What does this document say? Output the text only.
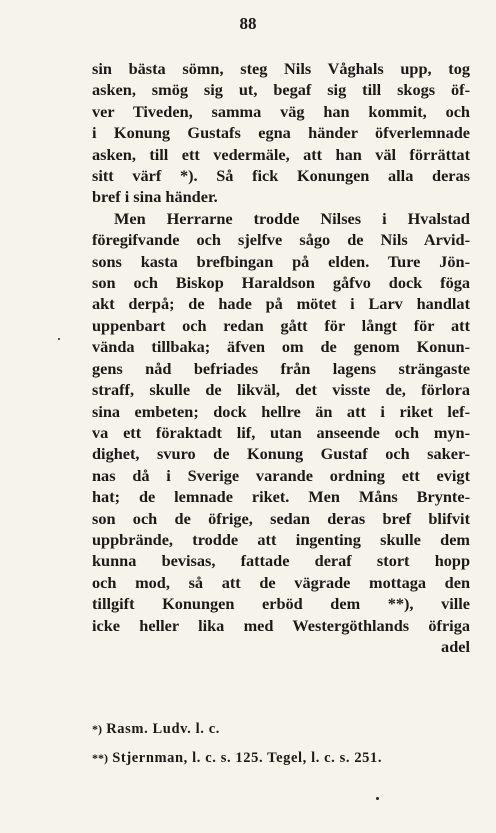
88
sin bästa sömn, steg Nils Våghals upp, tog
asken, smög sig ut, begaf sig till skogs öf-
ver Tiveden, samma väg han kommit, och
i Konung Gustafs egna händer öfverlemnade
asken, till ett vedermäle, att han väl förrättat
sitt värf *). Så fick Konungen alla deras
bref i sina händer.
Men Herrarne trodde Nilses i Hvalstad
föregifvande och sjelfve sågo de Nils Arvid-
sons kasta brefbingan på elden. Ture Jön-
son och Biskop Haraldson gåfvo dock föga
akt derpå; de hade på mötet i Larv handlat
uppenbart och redan gått för långt för att
vända tillbaka; äfven om de genom Konun-
gens nåd befriades från lagens strängaste
straff, skulle de likväl, det visste de, förlora
sina embeten; dock hellre än att i riket lef-
va ett föraktadt lif, utan anseende och myn-
dighet, svuro de Konung Gustaf och saker-
nas då i Sverige varande ordning ett evigt
hat; de lemnade riket. Men Måns Brynte-
son och de öfrige, sedan deras bref blifvit
uppbrände, trodde att ingenting skulle dem
kunna bevisas, fattade deraf stort hopp
och mod, så att de vägrade mottaga den
tillgift Konungen erböd dem **), ville
icke heller lika med Westergöthlands öfriga
adel
*) Rasm. Ludv. l. c.
**) Stjernman, l. c. s. 125. Tegel, l. c. s. 251.
